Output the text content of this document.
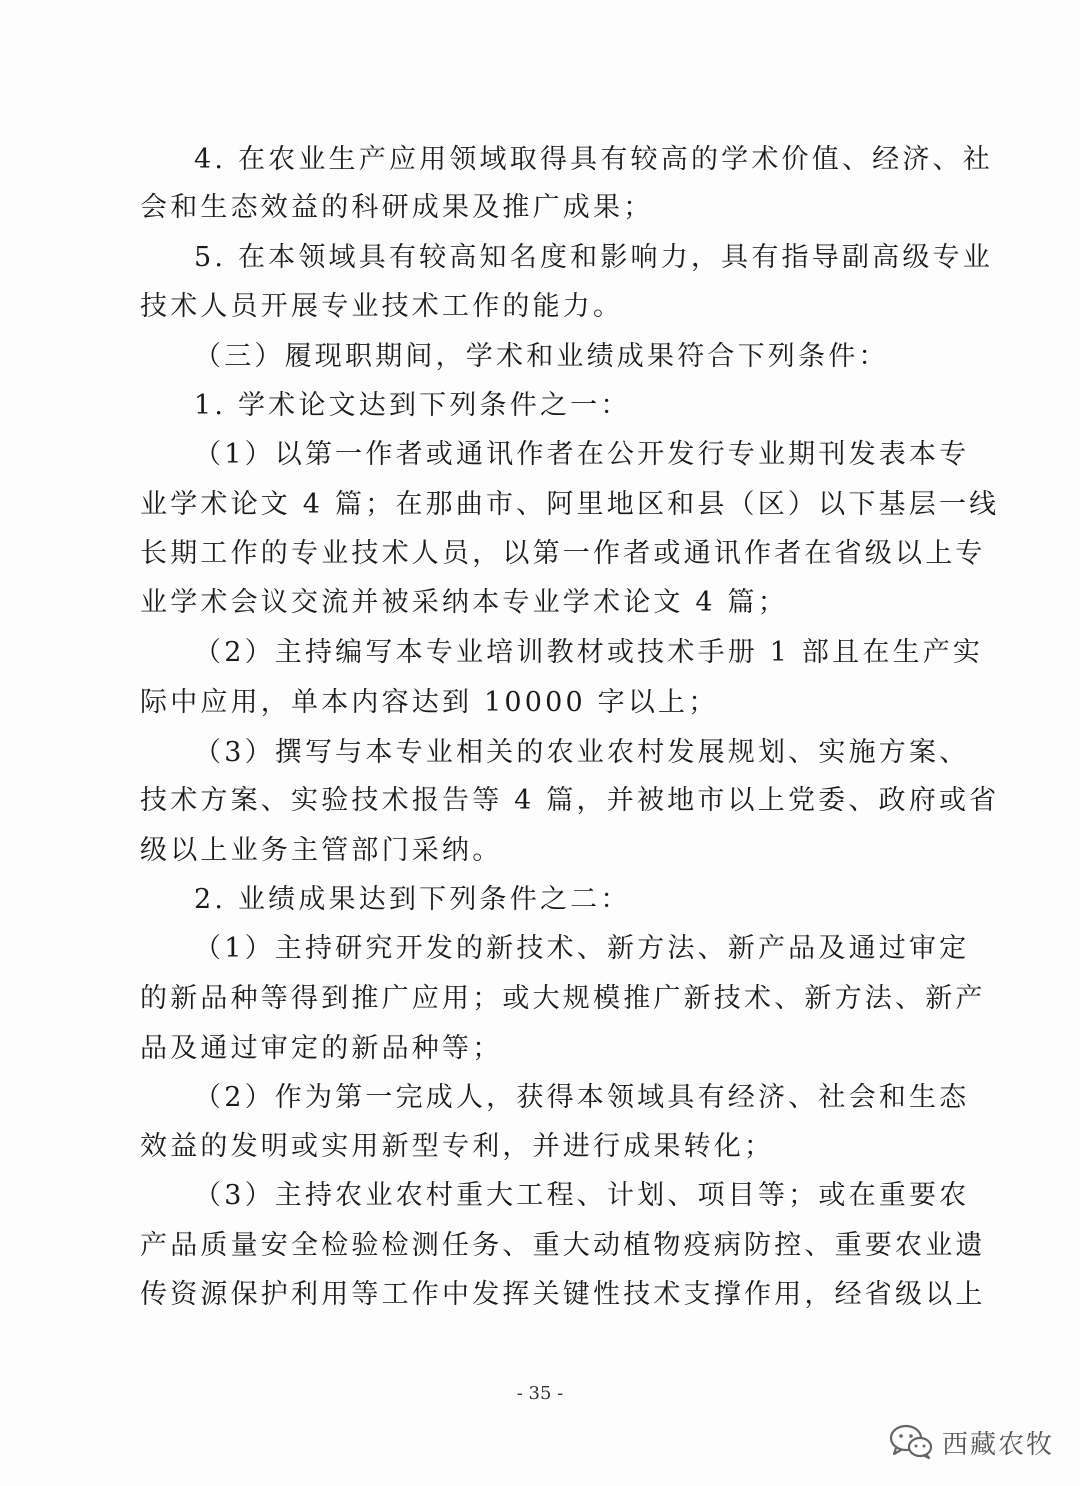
4. 在农业生产应用领域取得具有较高的学术价值、经济、社
会和生态效益的科研成果及推广成果；
5. 在本领域具有较高知名度和影响力，具有指导副高级专业
技术人员开展专业技术工作的能力。
（三）履现职期间，学术和业绩成果符合下列条件：
1. 学术论文达到下列条件之一：
（1）以第一作者或通讯作者在公开发行专业期刊发表本专
业学术论文 4 篇；在那曲市、阿里地区和县（区）以下基层一线
长期工作的专业技术人员，以第一作者或通讯作者在省级以上专
业学术会议交流并被采纳本专业学术论文 4 篇；
（2）主持编写本专业培训教材或技术手册 1 部且在生产实
际中应用，单本内容达到 10000 字以上；
（3）撰写与本专业相关的农业农村发展规划、实施方案、
技术方案、实验技术报告等 4 篇，并被地市以上党委、政府或省
级以上业务主管部门采纳。
2. 业绩成果达到下列条件之二：
（1）主持研究开发的新技术、新方法、新产品及通过审定
的新品种等得到推广应用；或大规模推广新技术、新方法、新产
品及通过审定的新品种等；
（2）作为第一完成人，获得本领域具有经济、社会和生态
效益的发明或实用新型专利，并进行成果转化；
（3）主持农业农村重大工程、计划、项目等；或在重要农
产品质量安全检验检测任务、重大动植物疫病防控、重要农业遗
传资源保护利用等工作中发挥关键性技术支撑作用，经省级以上
- 35 -
西藏农牧
